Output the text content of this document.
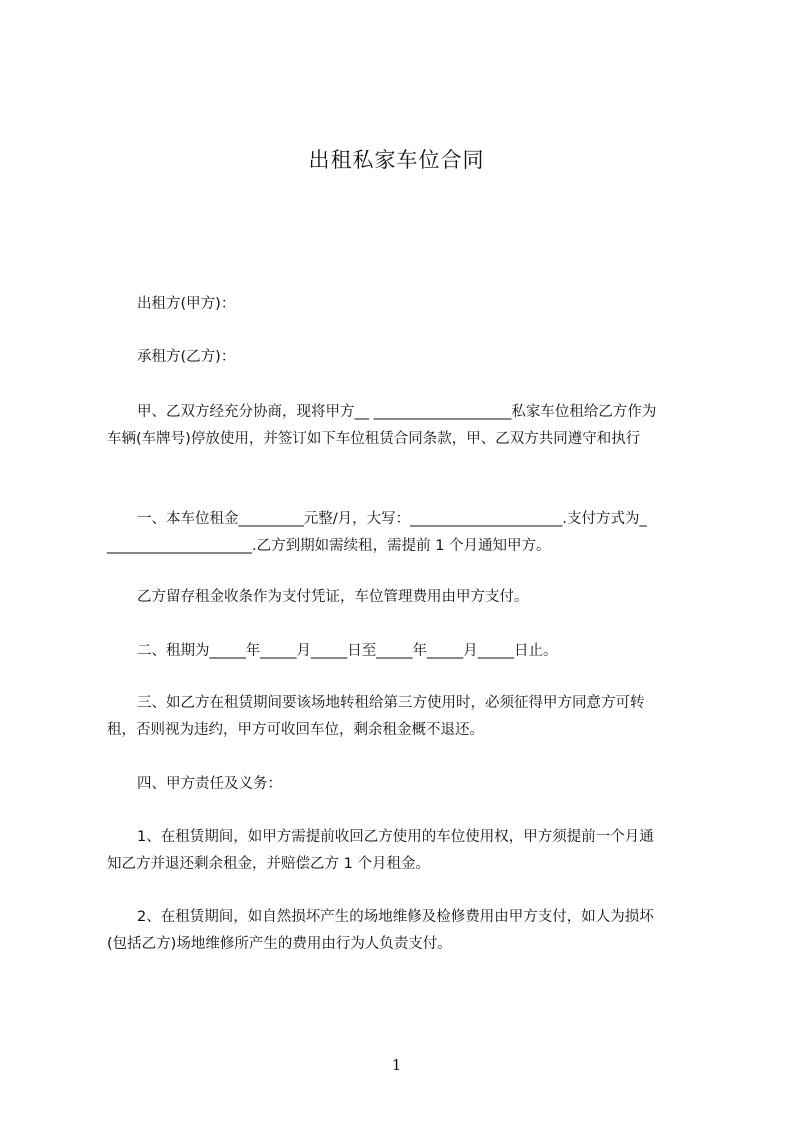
出租私家车位合同
出租方(甲方)：
承租方(乙方)：
甲、乙双方经充分协商，现将甲方__ ___________________私家车位租给乙方作为
车辆(车牌号)停放使用，并签订如下车位租赁合同条款，甲、乙双方共同遵守和执行
一、本车位租金_________元整/月，大写：_____________________.支付方式为_
____________________.乙方到期如需续租，需提前 1 个月通知甲方。
乙方留存租金收条作为支付凭证，车位管理费用由甲方支付。
二、租期为_____年_____月_____日至_____年_____月_____日止。
三、如乙方在租赁期间要该场地转租给第三方使用时，必须征得甲方同意方可转
租，否则视为违约，甲方可收回车位，剩余租金概不退还。
四、甲方责任及义务：
1、在租赁期间，如甲方需提前收回乙方使用的车位使用权，甲方须提前一个月通
知乙方并退还剩余租金，并赔偿乙方 1 个月租金。
2、在租赁期间，如自然损坏产生的场地维修及检修费用由甲方支付，如人为损坏
(包括乙方)场地维修所产生的费用由行为人负责支付。
1
